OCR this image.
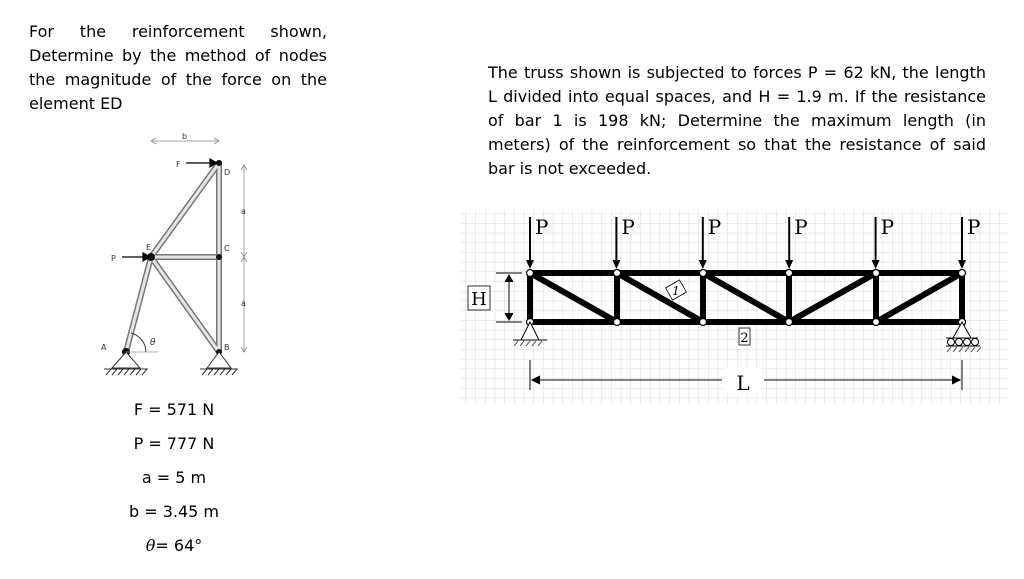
For the reinforcement shown, Determine by the method of nodes the magnitude of the force on the element ED
The truss shown is subjected to forces P = 62 kN, the length L divided into equal spaces, and H = 1.9 m. If the resistance of bar 1 is 198 kN; Determine the maximum length (in meters) of the reinforcement so that the resistance of said bar is not exceeded.
b
F
D
a
E	C
P
a
A	θ	B
F = 571 N
P = 777 N
a = 5 m
b = 3.45 m
θ= 64°
P	P	P	P	P	P
H	1
2
L
